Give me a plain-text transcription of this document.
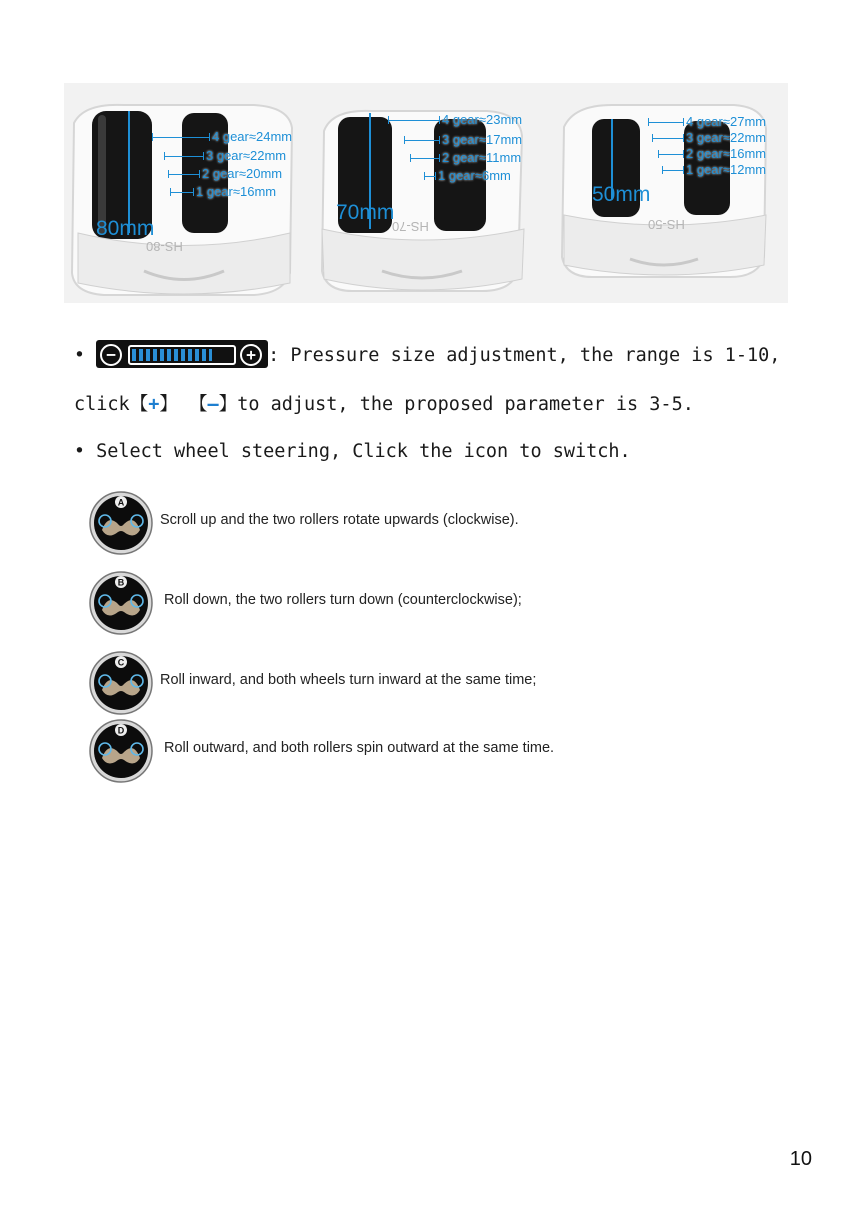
80mm
HS-80
4 gear≈24mm
3 gear≈22mm
2 gear≈20mm
1 gear≈16mm
70mm
HS-70
4 gear≈23mm
3 gear≈17mm
2 gear≈11mm
1 gear≈6mm
50mm
HS-50
4 gear≈27mm
3 gear≈22mm
2 gear≈16mm
1 gear≈12mm
•	−	+ : Pressure size adjustment, the range is 1-10,
click【+】 【—】to adjust, the proposed parameter is 3-5.
• Select wheel steering, Click the icon to switch.
A
Scroll up and the two rollers rotate upwards (clockwise).
B
Roll down, the two rollers turn down (counterclockwise);
C
Roll inward, and both wheels turn inward at the same time;
D
Roll outward, and both rollers spin outward at the same time.
10
